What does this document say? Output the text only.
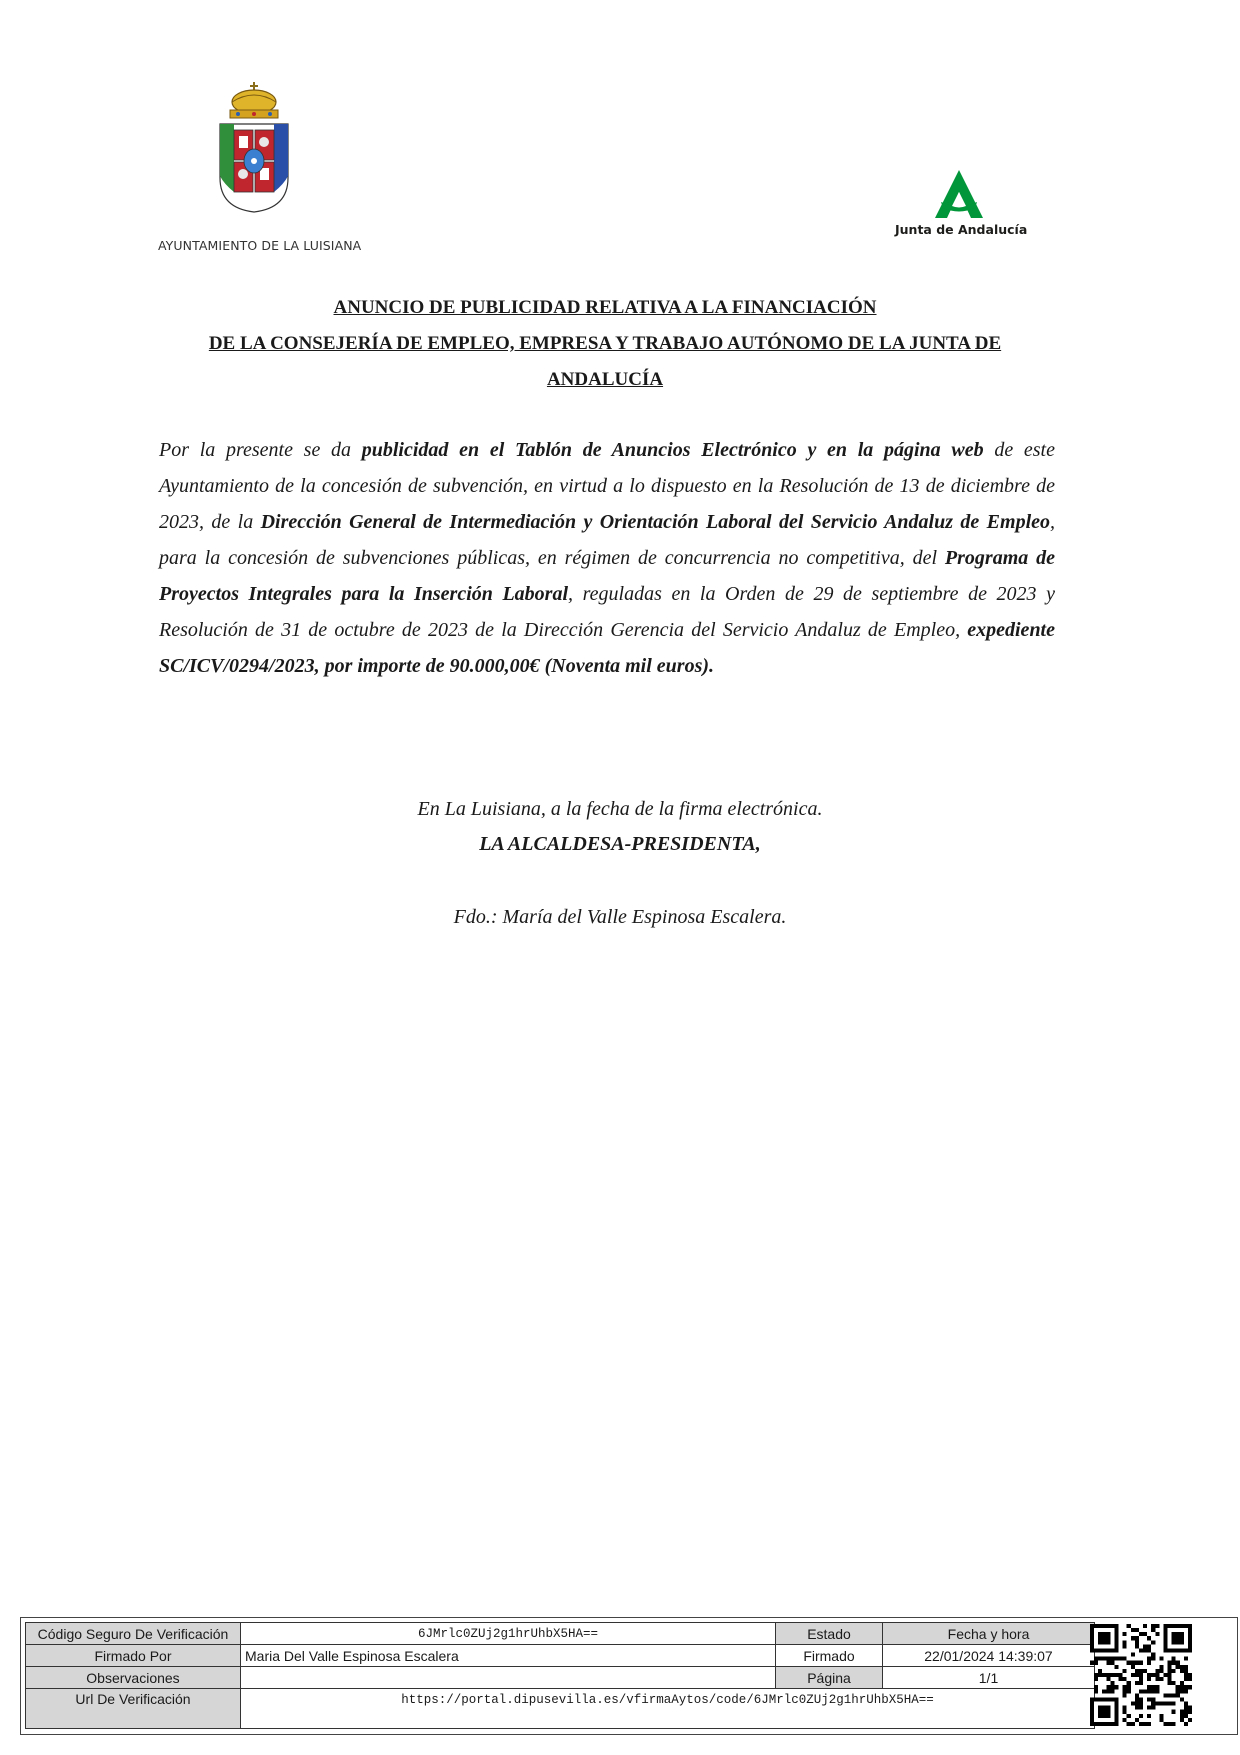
AYUNTAMIENTO DE LA LUISIANA
Junta de Andalucía
ANUNCIO DE PUBLICIDAD RELATIVA A LA FINANCIACIÓN
DE LA CONSEJERÍA DE EMPLEO, EMPRESA Y TRABAJO AUTÓNOMO DE LA JUNTA DE
ANDALUCÍA
Por la presente se da publicidad en el Tablón de Anuncios Electrónico y en la página web de este Ayuntamiento de la concesión de subvención, en virtud a lo dispuesto en la Resolución de 13 de diciembre de 2023, de la Dirección General de Intermediación y Orientación Laboral del Servicio Andaluz de Empleo, para la concesión de subvenciones públicas, en régimen de concurrencia no competitiva, del Programa de Proyectos Integrales para la Inserción Laboral, reguladas en la Orden de 29 de septiembre de 2023 y Resolución de 31 de octubre de 2023 de la Dirección Gerencia del Servicio Andaluz de Empleo, expediente SC/ICV/0294/2023, por importe de 90.000,00€ (Noventa mil euros).
En La Luisiana, a la fecha de la firma electrónica.
LA ALCALDESA-PRESIDENTA,
Fdo.: María del Valle Espinosa Escalera.
Código Seguro De Verificación	6JMrlc0ZUj2g1hrUhbX5HA==	Estado	Fecha y hora
Firmado Por	Maria Del Valle Espinosa Escalera	Firmado	22/01/2024 14:39:07
Observaciones		Página	1/1
Url De Verificación	https://portal.dipusevilla.es/vfirmaAytos/code/6JMrlc0ZUj2g1hrUhbX5HA==		
